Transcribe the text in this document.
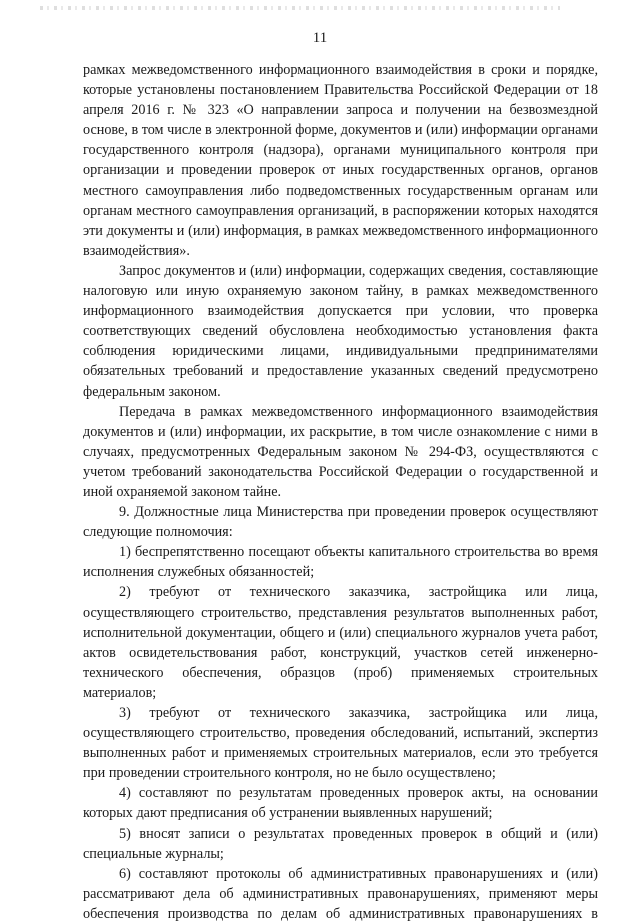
11

рамках межведомственного информационного взаимодействия в сроки и порядке, которые установлены постановлением Правительства Российской Федерации от 18 апреля 2016 г. № 323 «О направлении запроса и получении на безвозмездной основе, в том числе в электронной форме, документов и (или) информации органами государственного контроля (надзора), органами муниципального контроля при организации и проведении проверок от иных государственных органов, органов местного самоуправления либо подведомственных государственным органам или органам местного самоуправления организаций, в распоряжении которых находятся эти документы и (или) информация, в рамках межведомственного информационного взаимодействия».

Запрос документов и (или) информации, содержащих сведения, составляющие налоговую или иную охраняемую законом тайну, в рамках межведомственного информационного взаимодействия допускается при условии, что проверка соответствующих сведений обусловлена необходимостью установления факта соблюдения юридическими лицами, индивидуальными предпринимателями обязательных требований и предоставление указанных сведений предусмотрено федеральным законом.

Передача в рамках межведомственного информационного взаимодействия документов и (или) информации, их раскрытие, в том числе ознакомление с ними в случаях, предусмотренных Федеральным законом № 294-ФЗ, осуществляются с учетом требований законодательства Российской Федерации о государственной и иной охраняемой законом тайне.

9. Должностные лица Министерства при проведении проверок осуществляют следующие полномочия:

1) беспрепятственно посещают объекты капитального строительства во время исполнения служебных обязанностей;

2) требуют от технического заказчика, застройщика или лица, осуществляющего строительство, представления результатов выполненных работ, исполнительной документации, общего и (или) специального журналов учета работ, актов освидетельствования работ, конструкций, участков сетей инженерно-технического обеспечения, образцов (проб) применяемых строительных материалов;

3) требуют от технического заказчика, застройщика или лица, осуществляющего строительство, проведения обследований, испытаний, экспертиз выполненных работ и применяемых строительных материалов, если это требуется при проведении строительного контроля, но не было осуществлено;

4) составляют по результатам проведенных проверок акты, на основании которых дают предписания об устранении выявленных нарушений;

5) вносят записи о результатах проведенных проверок в общий и (или) специальные журналы;

6) составляют протоколы об административных правонарушениях и (или) рассматривают дела об административных правонарушениях, применяют меры обеспечения производства по делам об административных правонарушениях в
